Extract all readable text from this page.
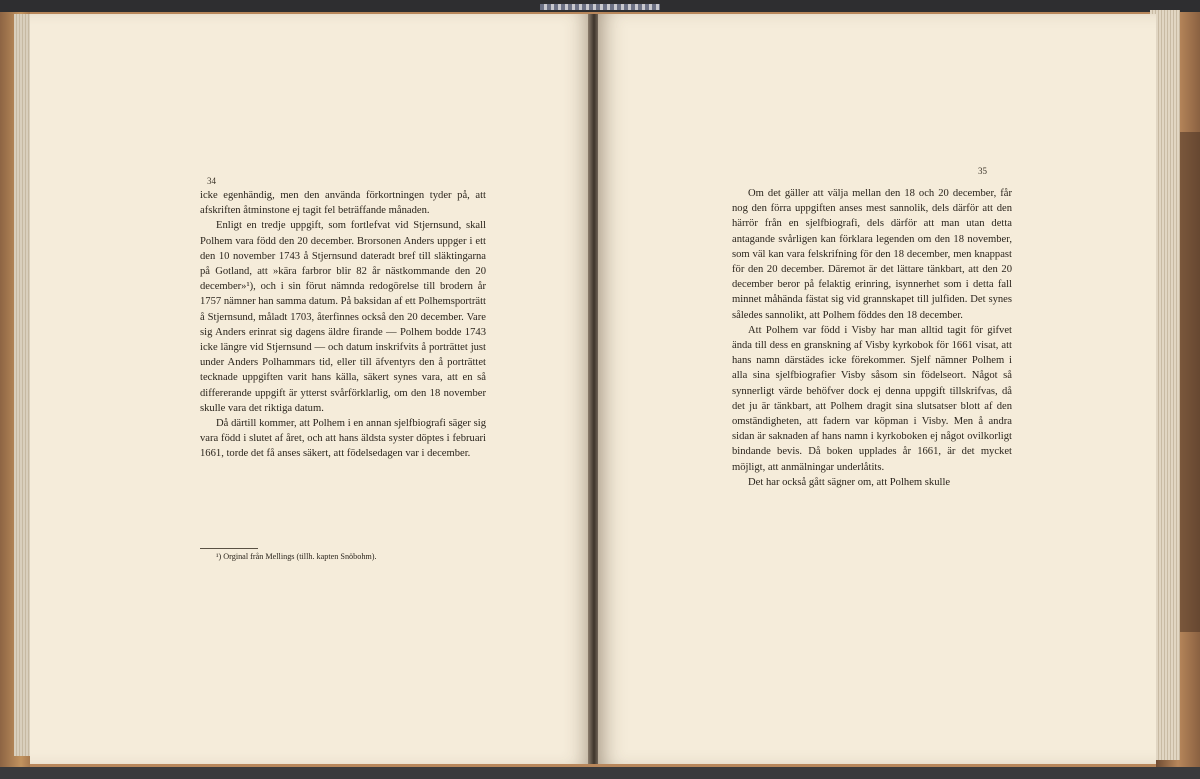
34

icke egenhändig, men den använda förkortningen tyder på, att afskriften åtminstone ej tagit fel beträffande månaden.

Enligt en tredje uppgift, som fortlefvat vid Stjernsund, skall Polhem vara född den 20 december. Brorsonen Anders uppger i ett den 10 november 1743 å Stjernsund dateradt bref till släktingarna på Gotland, att »kära farbror blir 82 år nästkommande den 20 december»¹), och i sin förut nämnda redogörelse till brodern år 1757 nämner han samma datum. På baksidan af ett Polhemsporträtt å Stjernsund, måladt 1703, återfinnes också den 20 december. Vare sig Anders erinrat sig dagens äldre firande — Polhem bodde 1743 icke längre vid Stjernsund — och datum inskrifvits å porträttet just under Anders Polhammars tid, eller till äfventyrs den å porträttet tecknade uppgiften varit hans källa, säkert synes vara, att en så differerande uppgift är ytterst svårförklarlig, om den 18 november skulle vara det riktiga datum.

Då därtill kommer, att Polhem i en annan sjelfbiografi säger sig vara född i slutet af året, och att hans äldsta syster döptes i februari 1661, torde det få anses säkert, att födelsedagen var i december.

¹) Orginal från Mellings (tillh. kapten Snöbohm).
35

Om det gäller att välja mellan den 18 och 20 december, får nog den förra uppgiften anses mest sannolik, dels därför att den härrör från en sjelfbiografi, dels därför att man utan detta antagande svårligen kan förklara legenden om den 18 november, som väl kan vara felskrifning för den 18 december, men knappast för den 20 december. Däremot är det lättare tänkbart, att den 20 december beror på felaktig erinring, isynnerhet som i detta fall minnet måhända fästat sig vid grannskapet till julfiden. Det synes således sannolikt, att Polhem föddes den 18 december.

Att Polhem var född i Visby har man alltid tagit för gifvet ända till dess en granskning af Visby kyrkobok för 1661 visat, att hans namn därstädes icke förekommer. Sjelf nämner Polhem i alla sina sjelfbiografier Visby såsom sin födelseort. Något så synnerligt värde behöfver dock ej denna uppgift tillskrifvas, då det ju är tänkbart, att Polhem dragit sina slutsatser blott af den omständigheten, att fadern var köpman i Visby. Men å andra sidan är saknaden af hans namn i kyrkoboken ej något ovilkorligt bindande bevis. Då boken upplades år 1661, är det mycket möjligt, att anmälningar underlåtits.

Det har också gått sägner om, att Polhem skulle
